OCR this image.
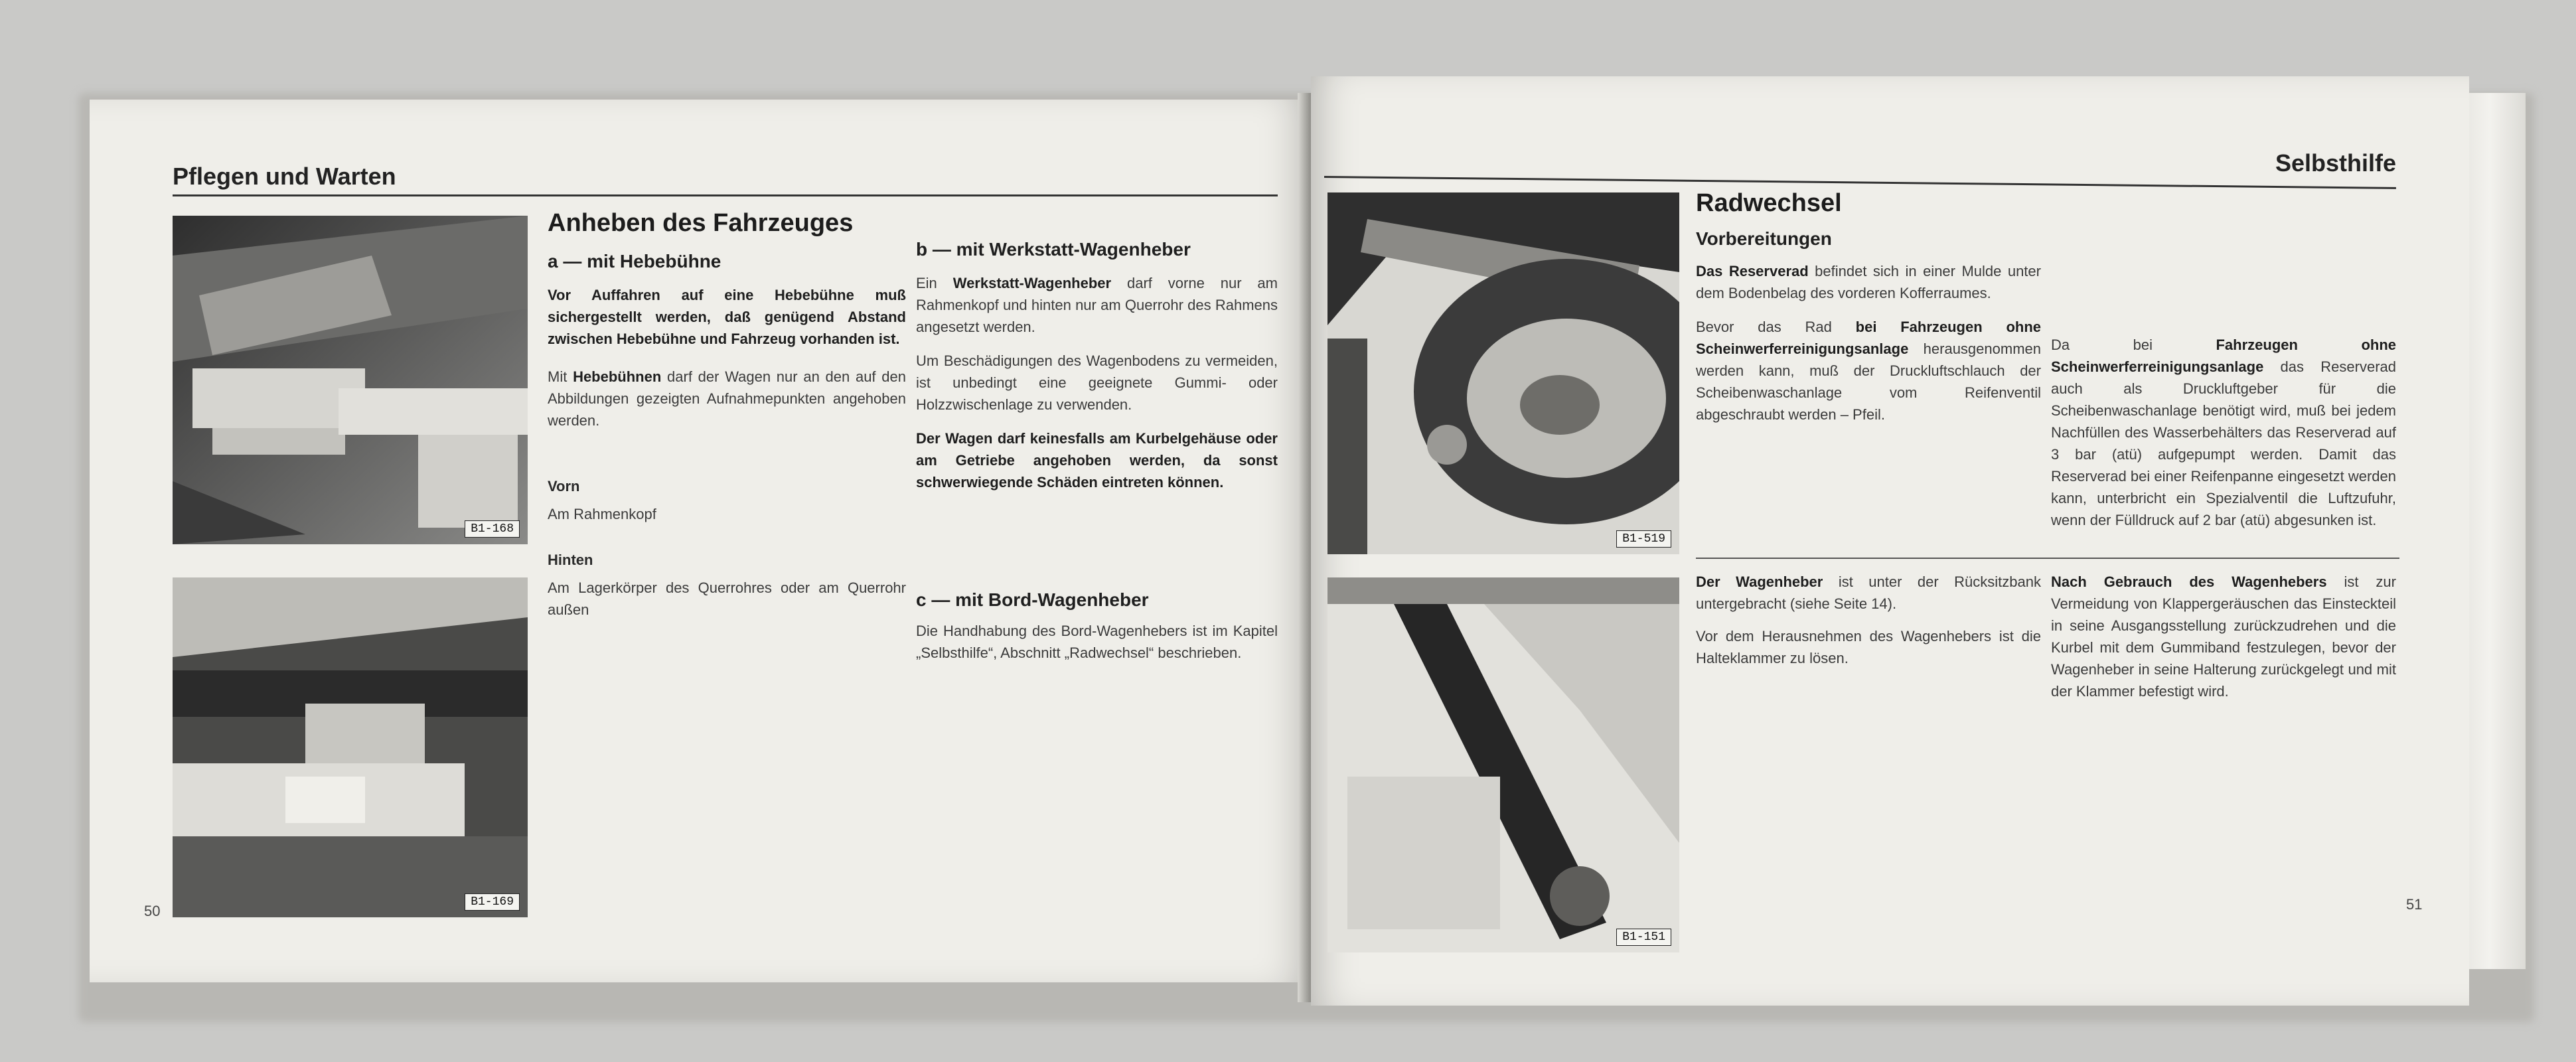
Pflegen und Warten
B1-168
B1-169
Anheben des Fahrzeuges
a — mit Hebebühne

Vor Auffahren auf eine Hebebühne muß sichergestellt werden, daß genügend Abstand zwischen Hebebühne und Fahrzeug vorhanden ist.

Mit Hebebühnen darf der Wagen nur an den auf den Abbildungen gezeigten Aufnahmepunkten angehoben werden.

Vorn

Am Rahmenkopf

Hinten

Am Lagerkörper des Querrohres oder am Querrohr außen

b — mit Werkstatt-Wagenheber

Ein Werkstatt-Wagenheber darf vorne nur am Rahmenkopf und hinten nur am Querrohr des Rahmens angesetzt werden.

Um Beschädigungen des Wagenbodens zu vermeiden, ist unbedingt eine geeignete Gummi- oder Holzzwischenlage zu verwenden.

Der Wagen darf keinesfalls am Kurbelgehäuse oder am Getriebe angehoben werden, da sonst schwerwiegende Schäden eintreten können.

c — mit Bord-Wagenheber

Die Handhabung des Bord-Wagenhebers ist im Kapitel „Selbsthilfe“, Abschnitt „Radwechsel“ beschrieben.

50
Selbsthilfe
B1-519
B1-151
Radwechsel
Vorbereitungen

Das Reserverad befindet sich in einer Mulde unter dem Bodenbelag des vorderen Kofferraumes.

Bevor das Rad bei Fahrzeugen ohne Scheinwerferreinigungsanlage herausgenommen werden kann, muß der Druckluftschlauch der Scheibenwaschanlage vom Reifenventil abgeschraubt werden – Pfeil.

Da bei Fahrzeugen ohne Scheinwerferreinigungsanlage das Reserverad auch als Druckluftgeber für die Scheibenwaschanlage benötigt wird, muß bei jedem Nachfüllen des Wasserbehälters das Reserverad auf 3 bar (atü) aufgepumpt werden. Damit das Reserverad bei einer Reifenpanne eingesetzt werden kann, unterbricht ein Spezialventil die Luftzufuhr, wenn der Fülldruck auf 2 bar (atü) abgesunken ist.

Der Wagenheber ist unter der Rücksitzbank untergebracht (siehe Seite 14).

Vor dem Herausnehmen des Wagenhebers ist die Halteklammer zu lösen.

Nach Gebrauch des Wagenhebers ist zur Vermeidung von Klappergeräuschen das Einsteckteil in seine Ausgangsstellung zurückzudrehen und die Kurbel mit dem Gummiband festzulegen, bevor der Wagenheber in seine Halterung zurückgelegt und mit der Klammer befestigt wird.

51
